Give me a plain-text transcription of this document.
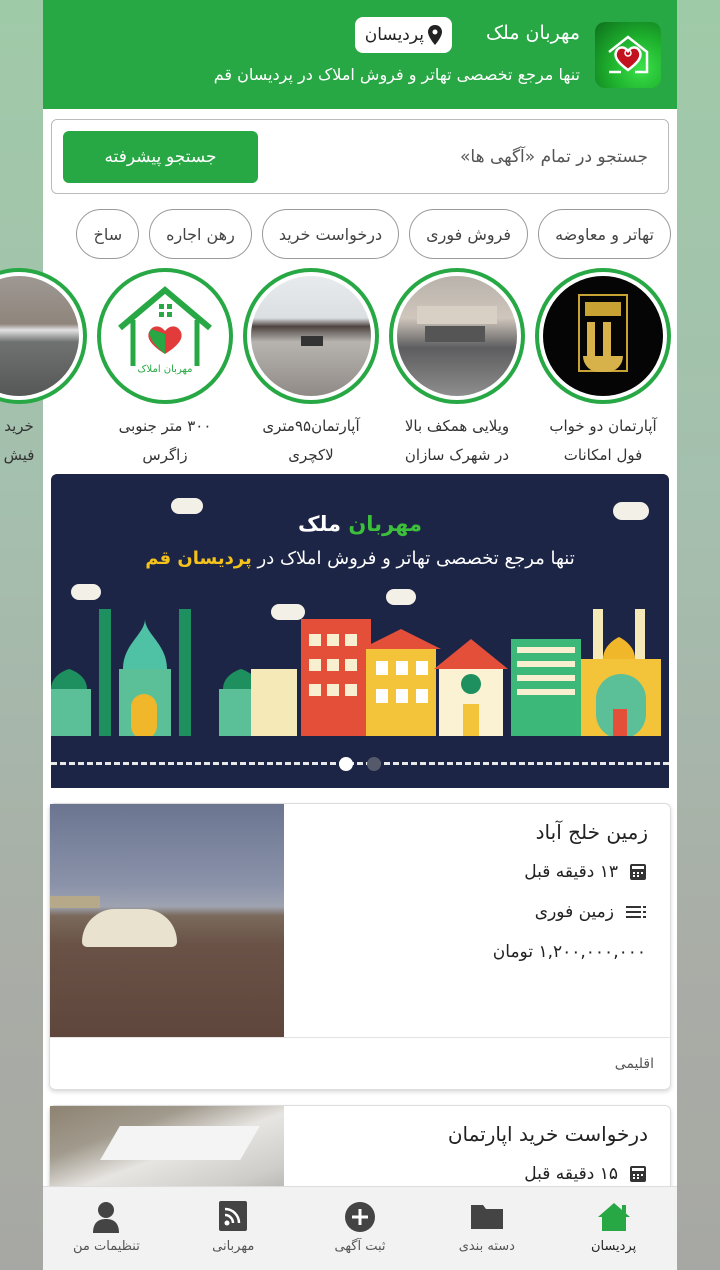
مهربان ملک
پردیسان
تنها مرجع تخصصی تهاتر و فروش املاک در پردیسان قم
جستجو در تمام «آگهی ها»
جستجو پیشرفته
تهاتر و معاوضه
فروش فوری
درخواست خرید
رهن اجاره
ساخ
آپارتمان دو خواب
فول امکانات
ویلایی همکف بالا
در شهرک سازان
آپارتمان۹۵متری
لاکچری
مهربان املاک
۳۰۰ متر جنوبی
زاگرس
خرید
فیش
مهربان ملک
تنها مرجع تخصصی تهاتر و فروش املاک در پردیسان قم
زمین خلج آباد
۱۳ دقیقه قبل
زمین فوری
۱,۲۰۰,۰۰۰,۰۰۰ تومان
اقلیمی
درخواست خرید اپارتمان
۱۵ دقیقه قبل
پردیسان
دسته بندی
ثبت آگهی
مهربانی
تنظیمات من
